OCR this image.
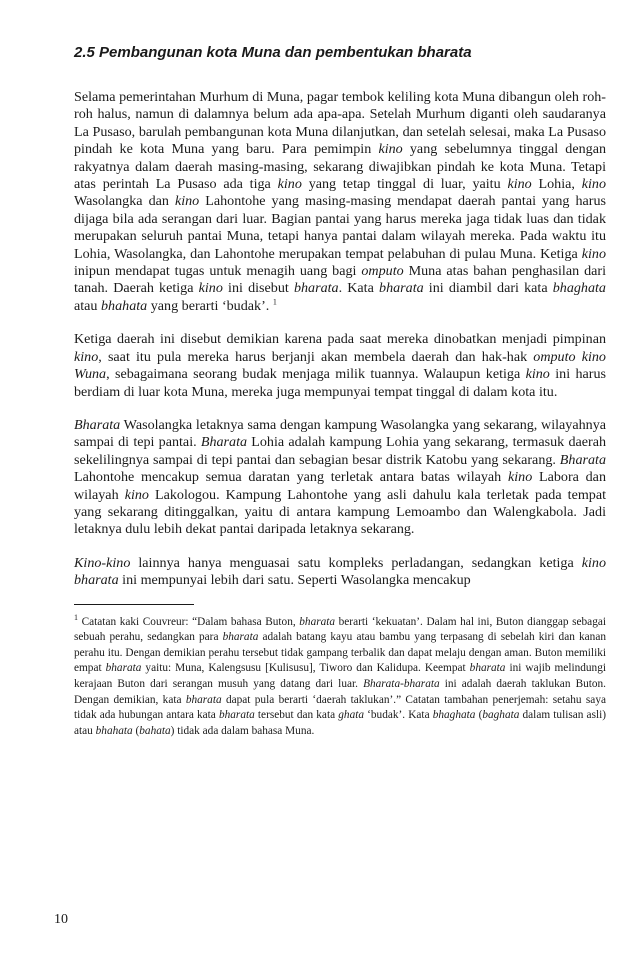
2.5 Pembangunan kota Muna dan pembentukan bharata

Selama pemerintahan Murhum di Muna, pagar tembok keliling kota Muna dibangun oleh roh-roh halus, namun di dalamnya belum ada apa-apa. Setelah Murhum diganti oleh saudaranya La Pusaso, barulah pembangunan kota Muna dilanjutkan, dan setelah selesai, maka La Pusaso pindah ke kota Muna yang baru. Para pemimpin kino yang sebelumnya tinggal dengan rakyatnya dalam daerah masing-masing, sekarang diwajibkan pindah ke kota Muna. Tetapi atas perintah La Pusaso ada tiga kino yang tetap tinggal di luar, yaitu kino Lohia, kino Wasolangka dan kino Lahontohe yang masing-masing mendapat daerah pantai yang harus dijaga bila ada serangan dari luar. Bagian pantai yang harus mereka jaga tidak luas dan tidak merupakan seluruh pantai Muna, tetapi hanya pantai dalam wilayah mereka. Pada waktu itu Lohia, Wasolangka, dan Lahontohe merupakan tempat pelabuhan di pulau Muna. Ketiga kino inipun mendapat tugas untuk menagih uang bagi omputo Muna atas bahan penghasilan dari tanah. Daerah ketiga kino ini disebut bharata. Kata bharata ini diambil dari kata bhaghata atau bhahata yang berarti ‘budak’. $^1$

Ketiga daerah ini disebut demikian karena pada saat mereka dinobatkan menjadi pimpinan kino, saat itu pula mereka harus berjanji akan membela daerah dan hak-hak omputo kino Wuna, sebagaimana seorang budak menjaga milik tuannya. Walaupun ketiga kino ini harus berdiam di luar kota Muna, mereka juga mempunyai tempat tinggal di dalam kota itu.

Bharata Wasolangka letaknya sama dengan kampung Wasolangka yang sekarang, wilayahnya sampai di tepi pantai. Bharata Lohia adalah kampung Lohia yang sekarang, termasuk daerah sekelilingnya sampai di tepi pantai dan sebagian besar distrik Katobu yang sekarang. Bharata Lahontohe mencakup semua daratan yang terletak antara batas wilayah kino Labora dan wilayah kino Lakologou. Kampung Lahontohe yang asli dahulu kala terletak pada tempat yang sekarang ditinggalkan, yaitu di antara kampung Lemoambo dan Walengkabola. Jadi letaknya dulu lebih dekat pantai daripada letaknya sekarang.

Kino-kino lainnya hanya menguasai satu kompleks perladangan, sedangkan ketiga kino bharata ini mempunyai lebih dari satu. Seperti Wasolangka mencakup

$^1$ Catatan kaki Couvreur: “Dalam bahasa Buton, bharata berarti ‘kekuatan’. Dalam hal ini, Buton dianggap sebagai sebuah perahu, sedangkan para bharata adalah batang kayu atau bambu yang terpasang di sebelah kiri dan kanan perahu itu. Dengan demikian perahu tersebut tidak gampang terbalik dan dapat melaju dengan aman. Buton memiliki empat bharata yaitu: Muna, Kalengsusu [Kulisusu], Tiworo dan Kalidupa. Keempat bharata ini wajib melindungi kerajaan Buton dari serangan musuh yang datang dari luar. Bharata-bharata ini adalah daerah taklukan Buton. Dengan demikian, kata bharata dapat pula berarti ‘daerah taklukan’.” Catatan tambahan penerjemah: setahu saya tidak ada hubungan antara kata bharata tersebut dan kata ghata ‘budak’. Kata bhaghata (baghata dalam tulisan asli) atau bhahata (bahata) tidak ada dalam bahasa Muna.

10
